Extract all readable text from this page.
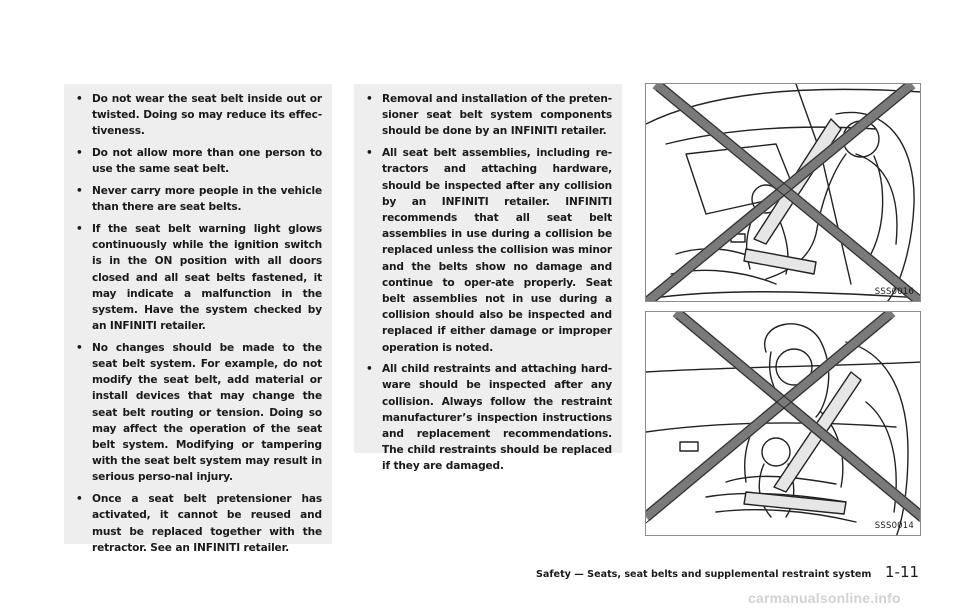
• Do not wear the seat belt inside out or twisted. Doing so may reduce its effec-tiveness.
• Do not allow more than one person to use the same seat belt.
• Never carry more people in the vehicle than there are seat belts.
• If the seat belt warning light glows continuously while the ignition switch is in the ON position with all doors closed and all seat belts fastened, it may indicate a malfunction in the system. Have the system checked by an INFINITI retailer.
• No changes should be made to the seat belt system. For example, do not modify the seat belt, add material or install devices that may change the seat belt routing or tension. Doing so may affect the operation of the seat belt system. Modifying or tampering with the seat belt system may result in serious perso-nal injury.
• Once a seat belt pretensioner has activated, it cannot be reused and must be replaced together with the retractor. See an INFINITI retailer.
• Removal and installation of the preten-sioner seat belt system components should be done by an INFINITI retailer.
• All seat belt assemblies, including re-tractors and attaching hardware, should be inspected after any collision by an INFINITI retailer. INFINITI recommends that all seat belt assemblies in use during a collision be replaced unless the collision was minor and the belts show no damage and continue to oper-ate properly. Seat belt assemblies not in use during a collision should also be inspected and replaced if either damage or improper operation is noted.
• All child restraints and attaching hard-ware should be inspected after any collision. Always follow the restraint manufacturer’s inspection instructions and replacement recommendations. The child restraints should be replaced if they are damaged.
SSS0016
SSS0014
Safety — Seats, seat belts and supplemental restraint system 1-11
carmanualsonline.info
